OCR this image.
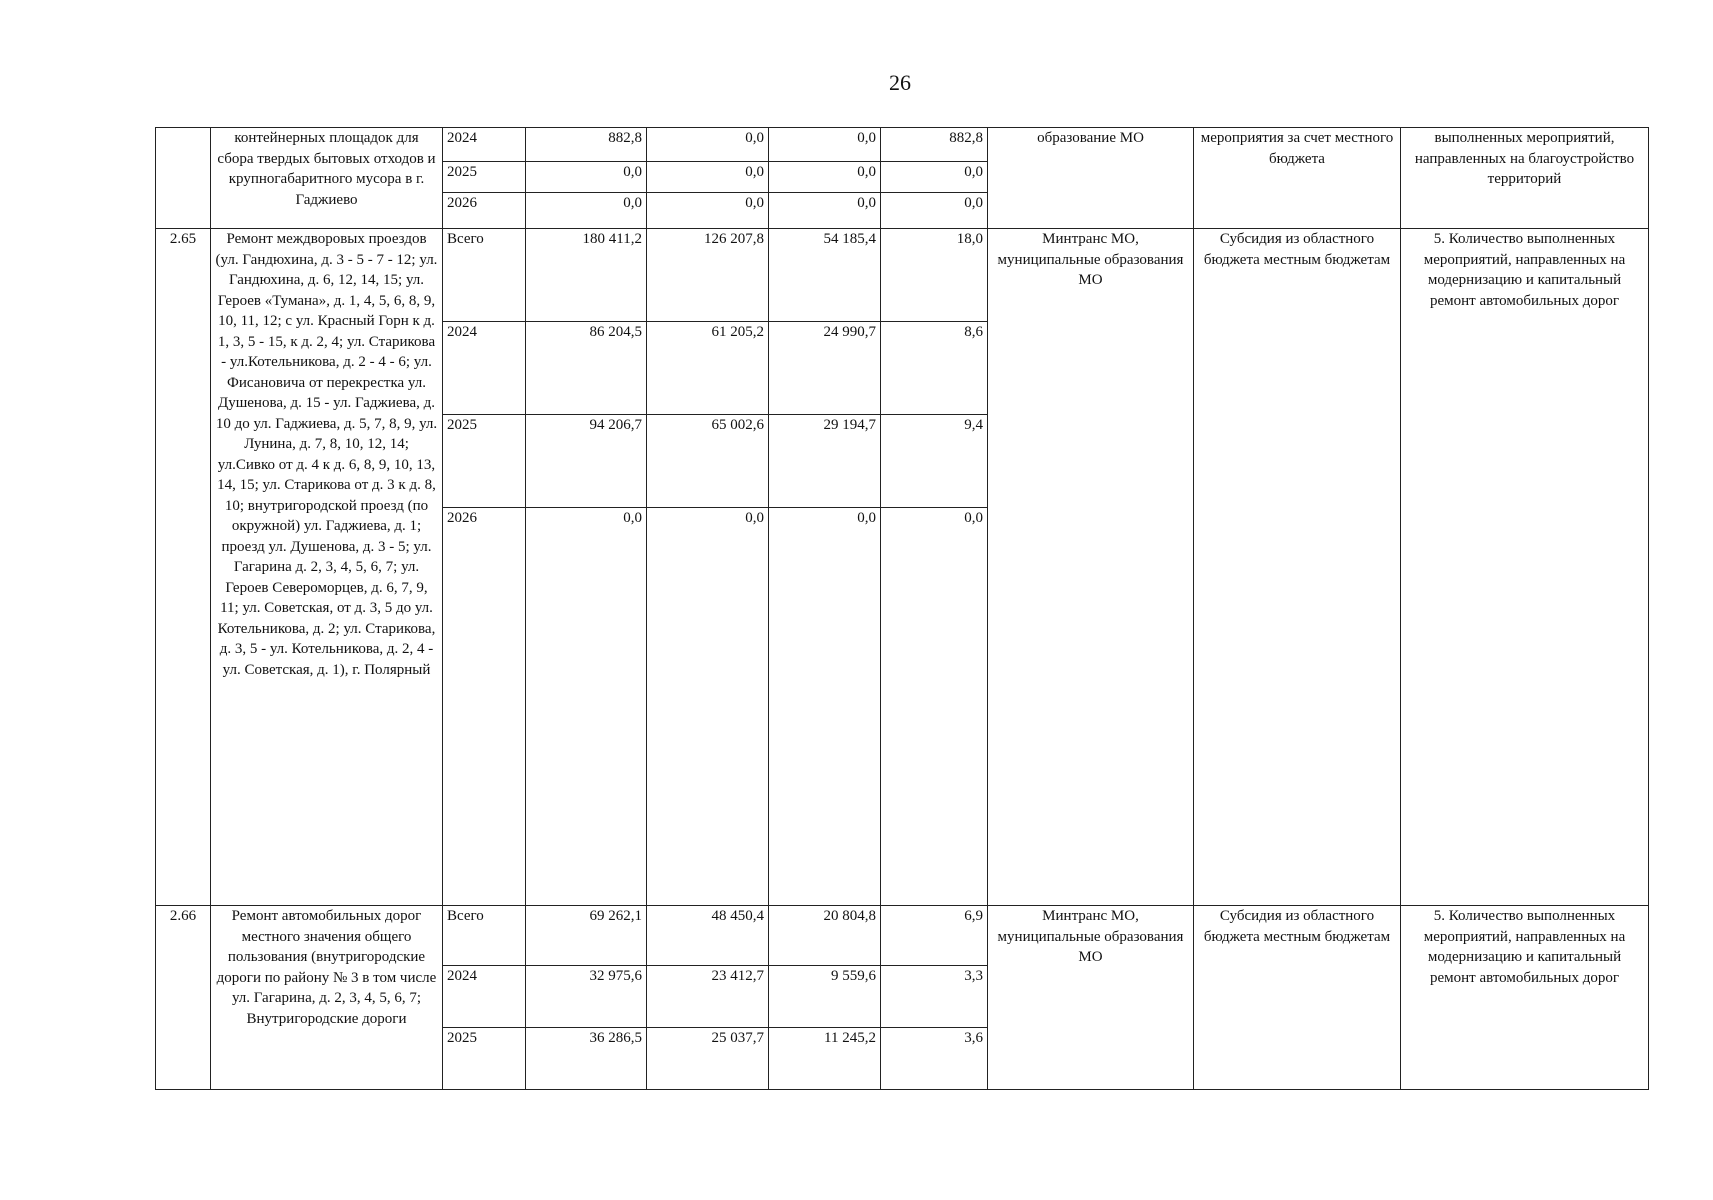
26
	контейнерных площадок для сбора твердых бытовых отходов и крупногабаритного мусора в г. Гаджиево	2024	882,8	0,0	0,0	882,8	образование МО	мероприятия за счет местного бюджета	выполненных мероприятий, направленных на благоустройство территорий
		2025	0,0	0,0	0,0	0,0			
		2026	0,0	0,0	0,0	0,0			
2.65	Ремонт междворовых проездов (ул. Гандюхина, д. 3 - 5 - 7 - 12; ул. Гандюхина, д. 6, 12, 14, 15; ул. Героев «Тумана», д. 1, 4, 5, 6, 8, 9, 10, 11, 12; с ул. Красный Горн к д. 1, 3, 5 - 15, к д. 2, 4; ул. Старикова - ул.Котельникова, д. 2 - 4 - 6; ул. Фисановича от перекрестка ул. Душенова, д. 15 - ул. Гаджиева, д. 10 до ул. Гаджиева, д. 5, 7, 8, 9, ул. Лунина, д. 7, 8, 10, 12, 14; ул.Сивко от д. 4 к д. 6, 8, 9, 10, 13, 14, 15; ул. Старикова от д. 3 к д. 8, 10; внутригородской проезд (по окружной) ул. Гаджиева, д. 1; проезд ул. Душенова, д. 3 - 5; ул. Гагарина д. 2, 3, 4, 5, 6, 7; ул. Героев Североморцев, д. 6, 7, 9, 11; ул. Советская, от д. 3, 5 до ул. Котельникова, д. 2; ул. Старикова, д. 3, 5 - ул. Котельникова, д. 2, 4 - ул. Советская, д. 1), г. Полярный	Всего	180 411,2	126 207,8	54 185,4	18,0	Минтранс МО, муниципальные образования МО	Субсидия из областного бюджета местным бюджетам	5. Количество выполненных мероприятий, направленных на модернизацию и капитальный ремонт автомобильных дорог
		2024	86 204,5	61 205,2	24 990,7	8,6			
		2025	94 206,7	65 002,6	29 194,7	9,4			
		2026	0,0	0,0	0,0	0,0			
2.66	Ремонт автомобильных дорог местного значения общего пользования (внутригородские дороги по району № 3 в том числе ул. Гагарина, д. 2, 3, 4, 5, 6, 7; Внутригородские дороги	Всего	69 262,1	48 450,4	20 804,8	6,9	Минтранс МО, муниципальные образования МО	Субсидия из областного бюджета местным бюджетам	5. Количество выполненных мероприятий, направленных на модернизацию и капитальный ремонт автомобильных дорог
		2024	32 975,6	23 412,7	9 559,6	3,3			
		2025	36 286,5	25 037,7	11 245,2	3,6			
